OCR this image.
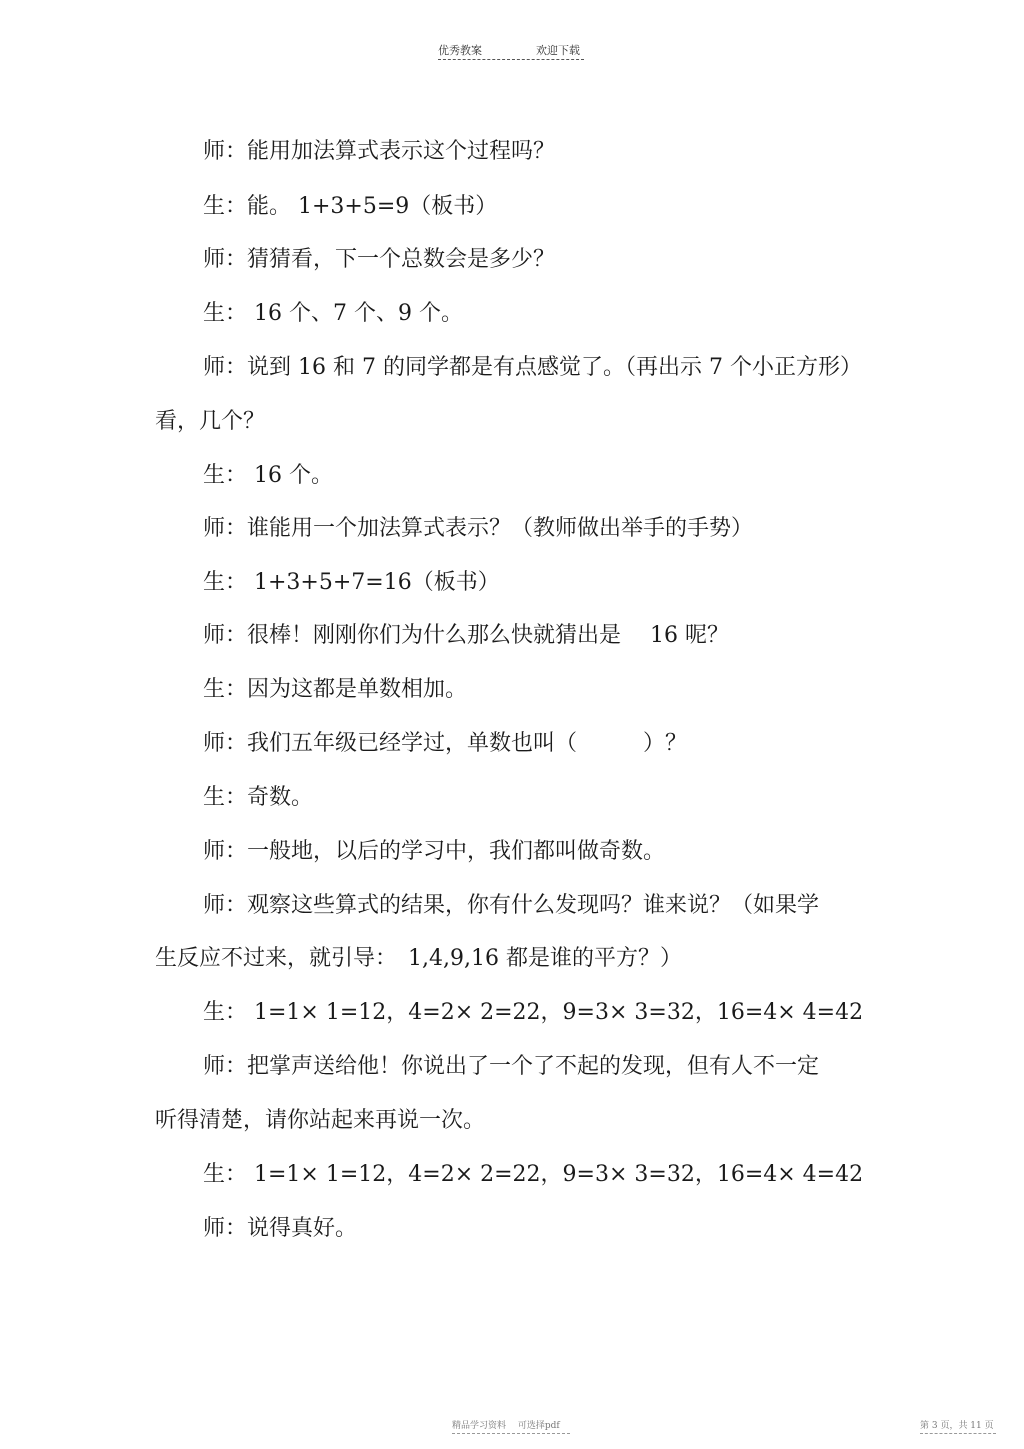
优秀教案	欢迎下载
师：能用加法算式表示这个过程吗？
生：能。 1+3+5=9（板书）
师：猜猜看，下一个总数会是多少？
生： 16 个、7 个、9 个。
师：说到 16 和 7 的同学都是有点感觉了。（再出示 7 个小正方形）
看，几个？
生： 16 个。
师：谁能用一个加法算式表示？（教师做出举手的手势）
生： 1+3+5+7=16（板书）
师：很棒！刚刚你们为什么那么快就猜出是　 16 呢？
生：因为这都是单数相加。
师：我们五年级已经学过，单数也叫（　　　）？
生：奇数。
师：一般地，以后的学习中，我们都叫做奇数。
师：观察这些算式的结果，你有什么发现吗？谁来说？（如果学
生反应不过来，就引导：　1,4,9,16 都是谁的平方？）
生： 1=1× 1=12，4=2× 2=22，9=3× 3=32，16=4× 4=42
师：把掌声送给他！你说出了一个了不起的发现，但有人不一定
听得清楚，请你站起来再说一次。
生： 1=1× 1=12，4=2× 2=22，9=3× 3=32，16=4× 4=42
师：说得真好。
精品学习资料　 可选择pdf	第 3 页，共 11 页
